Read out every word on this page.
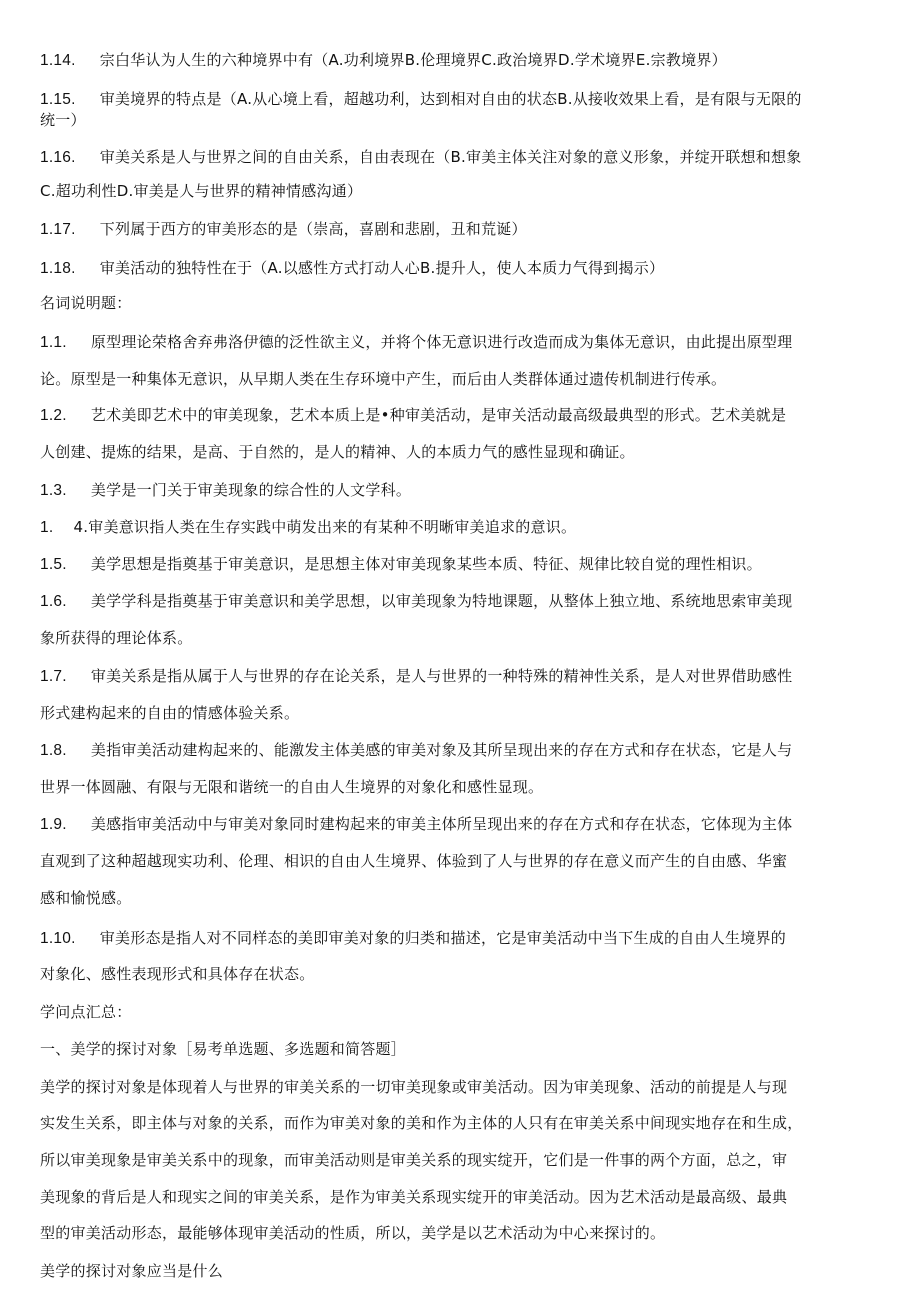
1.14. 宗白华认为人生的六种境界中有（A.功利境界B.伦理境界C.政治境界D.学术境界E.宗教境界）
1.15. 审美境界的特点是（A.从心境上看，超越功利，达到相对自由的状态B.从接收效果上看，是有限与无限的
统一）
1.16. 审美关系是人与世界之间的自由关系，自由表现在（B.审美主体关注对象的意义形象，并绽开联想和想象
C.超功利性D.审美是人与世界的精神情感沟通）
1.17. 下列属于西方的审美形态的是（崇高，喜剧和悲剧，丑和荒诞）
1.18. 审美活动的独特性在于（A.以感性方式打动人心B.提升人，使人本质力气得到揭示）
名词说明题：
1.1. 原型理论荣格舍弃弗洛伊德的泛性欲主义，并将个体无意识进行改造而成为集体无意识，由此提出原型理
论。原型是一种集体无意识，从早期人类在生存环境中产生，而后由人类群体通过遗传机制进行传承。
1.2. 艺术美即艺术中的审美现象，艺术本质上是•种审美活动，是审关活动最高级最典型的形式。艺术美就是
人创建、提炼的结果，是高、于自然的，是人的精神、人的本质力气的感性显现和确证。
1.3. 美学是一门关于审美现象的综合性的人文学科。
1. 4.审美意识指人类在生存实践中萌发出来的有某种不明晰审美追求的意识。
1.5. 美学思想是指奠基于审美意识，是思想主体对审美现象某些本质、特征、规律比较自觉的理性相识。
1.6. 美学学科是指奠基于审美意识和美学思想，以审美现象为特地课题，从整体上独立地、系统地思索审美现
象所获得的理论体系。
1.7. 审美关系是指从属于人与世界的存在论关系，是人与世界的一种特殊的精神性关系，是人对世界借助感性
形式建构起来的自由的情感体验关系。
1.8. 美指审美活动建构起来的、能激发主体美感的审美对象及其所呈现出来的存在方式和存在状态，它是人与
世界一体圆融、有限与无限和谐统一的自由人生境界的对象化和感性显现。
1.9. 美感指审美活动中与审美对象同时建构起来的审美主体所呈现出来的存在方式和存在状态，它体现为主体
直观到了这种超越现实功利、伦理、相识的自由人生境界、体验到了人与世界的存在意义而产生的自由感、华蜜
感和愉悦感。
1.10. 审美形态是指人对不同样态的美即审美对象的归类和描述，它是审美活动中当下生成的自由人生境界的
对象化、感性表现形式和具体存在状态。
学问点汇总：
一、美学的探讨对象［易考单选题、多选题和简答题］
美学的探讨对象是体现着人与世界的审美关系的一切审美现象或审美活动。因为审美现象、活动的前提是人与现
实发生关系，即主体与对象的关系，而作为审美对象的美和作为主体的人只有在审美关系中间现实地存在和生成，
所以审美现象是审美关系中的现象，而审美活动则是审美关系的现实绽开，它们是一件事的两个方面，总之，审
美现象的背后是人和现实之间的审美关系，是作为审美关系现实绽开的审美活动。因为艺术活动是最高级、最典
型的审美活动形态，最能够体现审美活动的性质，所以，美学是以艺术活动为中心来探讨的。
美学的探讨对象应当是什么
